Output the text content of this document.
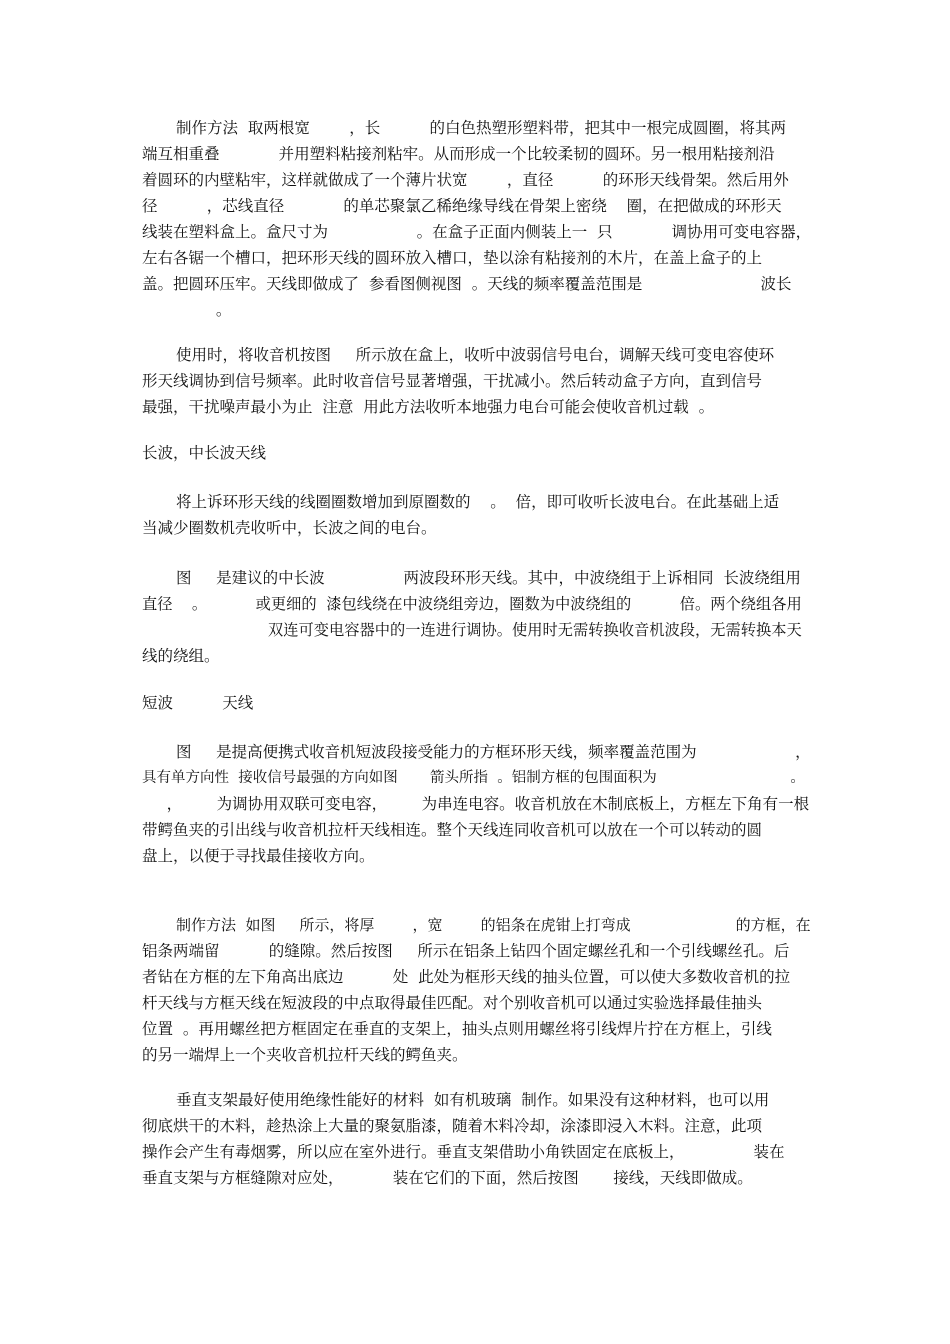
制作方法  取两根宽        ，长          的白色热塑形塑料带，把其中一根完成圆圈，将其两

端互相重叠            并用塑料粘接剂粘牢。从而形成一个比较柔韧的圆环。另一根用粘接剂沿

着圆环的内壁粘牢，这样就做成了一个薄片状宽        ，直径          的环形天线骨架。然后用外

径          ，芯线直径            的单芯聚氯乙稀绝缘导线在骨架上密绕    圈，在把做成的环形天

线装在塑料盒上。盒尺寸为                  。在盒子正面内侧装上一  只            调协用可变电容器，

左右各锯一个槽口，把环形天线的圆环放入槽口，垫以涂有粘接剂的木片，在盖上盒子的上

盖。把圆环压牢。天线即做成了  参看图侧视图  。天线的频率覆盖范围是                        波长

。

使用时，将收音机按图     所示放在盒上，收听中波弱信号电台，调解天线可变电容使环

形天线调协到信号频率。此时收音信号显著增强，干扰减小。然后转动盒子方向，直到信号

最强，干扰噪声最小为止  注意  用此方法收听本地强力电台可能会使收音机过载  。

长波，中长波天线

将上诉环形天线的线圈圈数增加到原圈数的    。  倍，即可收听长波电台。在此基础上适

当减少圈数机壳收听中，长波之间的电台。

图     是建议的中长波                两波段环形天线。其中，中波绕组于上诉相同  长波绕组用

直径    。          或更细的  漆包线绕在中波绕组旁边，圈数为中波绕组的          倍。两个绕组各用

双连可变电容器中的一连进行调协。使用时无需转换收音机波段，无需转换本天

线的绕组。

短波          天线

图     是提高便携式收音机短波段接受能力的方框环形天线，频率覆盖范围为                    ，

具有单方向性  接收信号最强的方向如图       箭头所指  。铝制方框的包围面积为                             。

，       为调协用双联可变电容，       为串连电容。收音机放在木制底板上，方框左下角有一根

带鳄鱼夹的引出线与收音机拉杆天线相连。整个天线连同收音机可以放在一个可以转动的圆

盘上，以便于寻找最佳接收方向。

制作方法  如图     所示，将厚        ，宽        的铝条在虎钳上打弯成                      的方框，在

铝条两端留          的缝隙。然后按图     所示在铝条上钻四个固定螺丝孔和一个引线螺丝孔。后

者钻在方框的左下角高出底边          处  此处为框形天线的抽头位置，可以使大多数收音机的拉

杆天线与方框天线在短波段的中点取得最佳匹配。对个别收音机可以通过实验选择最佳抽头

位置  。再用螺丝把方框固定在垂直的支架上，抽头点则用螺丝将引线焊片拧在方框上，引线

的另一端焊上一个夹收音机拉杆天线的鳄鱼夹。

垂直支架最好使用绝缘性能好的材料  如有机玻璃  制作。如果没有这种材料，也可以用

彻底烘干的木料，趁热涂上大量的聚氨脂漆，随着木料冷却，涂漆即浸入木料。注意，此项

操作会产生有毒烟雾，所以应在室外进行。垂直支架借助小角铁固定在底板上，              装在

垂直支架与方框缝隙对应处，          装在它们的下面，然后按图       接线，天线即做成。
